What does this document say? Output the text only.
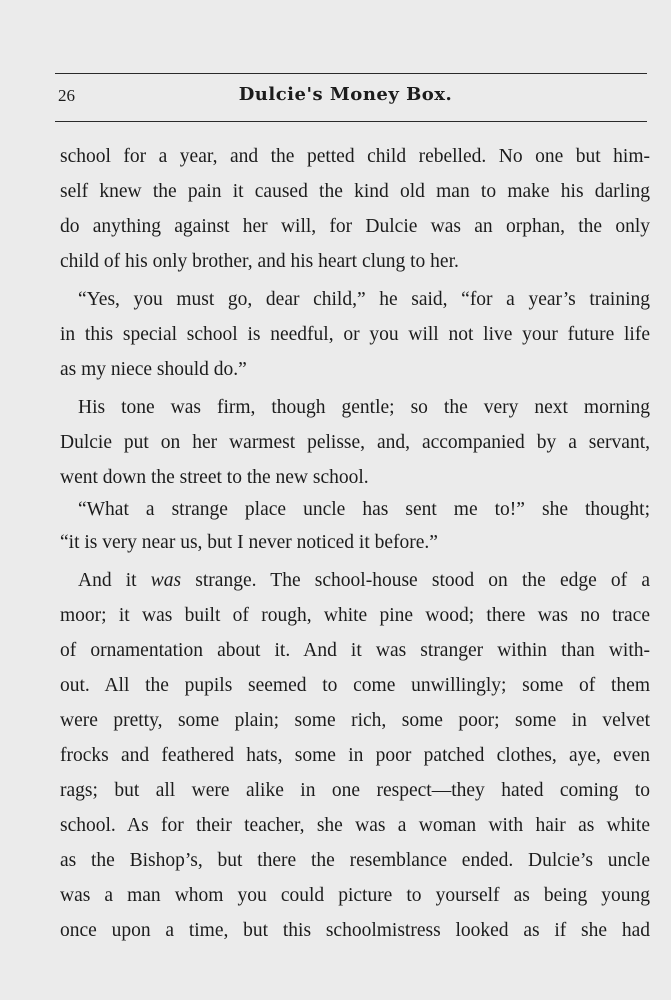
26	Dulcie's Money Box.
school for a year, and the petted child rebelled. No one but him-
self knew the pain it caused the kind old man to make his darling
do anything against her will, for Dulcie was an orphan, the only
child of his only brother, and his heart clung to her.
“Yes, you must go, dear child,” he said, “for a year’s training
in this special school is needful, or you will not live your future life
as my niece should do.”
His tone was firm, though gentle; so the very next morning
Dulcie put on her warmest pelisse, and, accompanied by a servant,
went down the street to the new school.
“What a strange place uncle has sent me to!” she thought;
“it is very near us, but I never noticed it before.”
And it was strange. The school-house stood on the edge of a
moor; it was built of rough, white pine wood; there was no trace
of ornamentation about it. And it was stranger within than with-
out. All the pupils seemed to come unwillingly; some of them
were pretty, some plain; some rich, some poor; some in velvet
frocks and feathered hats, some in poor patched clothes, aye, even
rags; but all were alike in one respect—they hated coming to
school. As for their teacher, she was a woman with hair as white
as the Bishop’s, but there the resemblance ended. Dulcie’s uncle
was a man whom you could picture to yourself as being young
once upon a time, but this schoolmistress looked as if she had
